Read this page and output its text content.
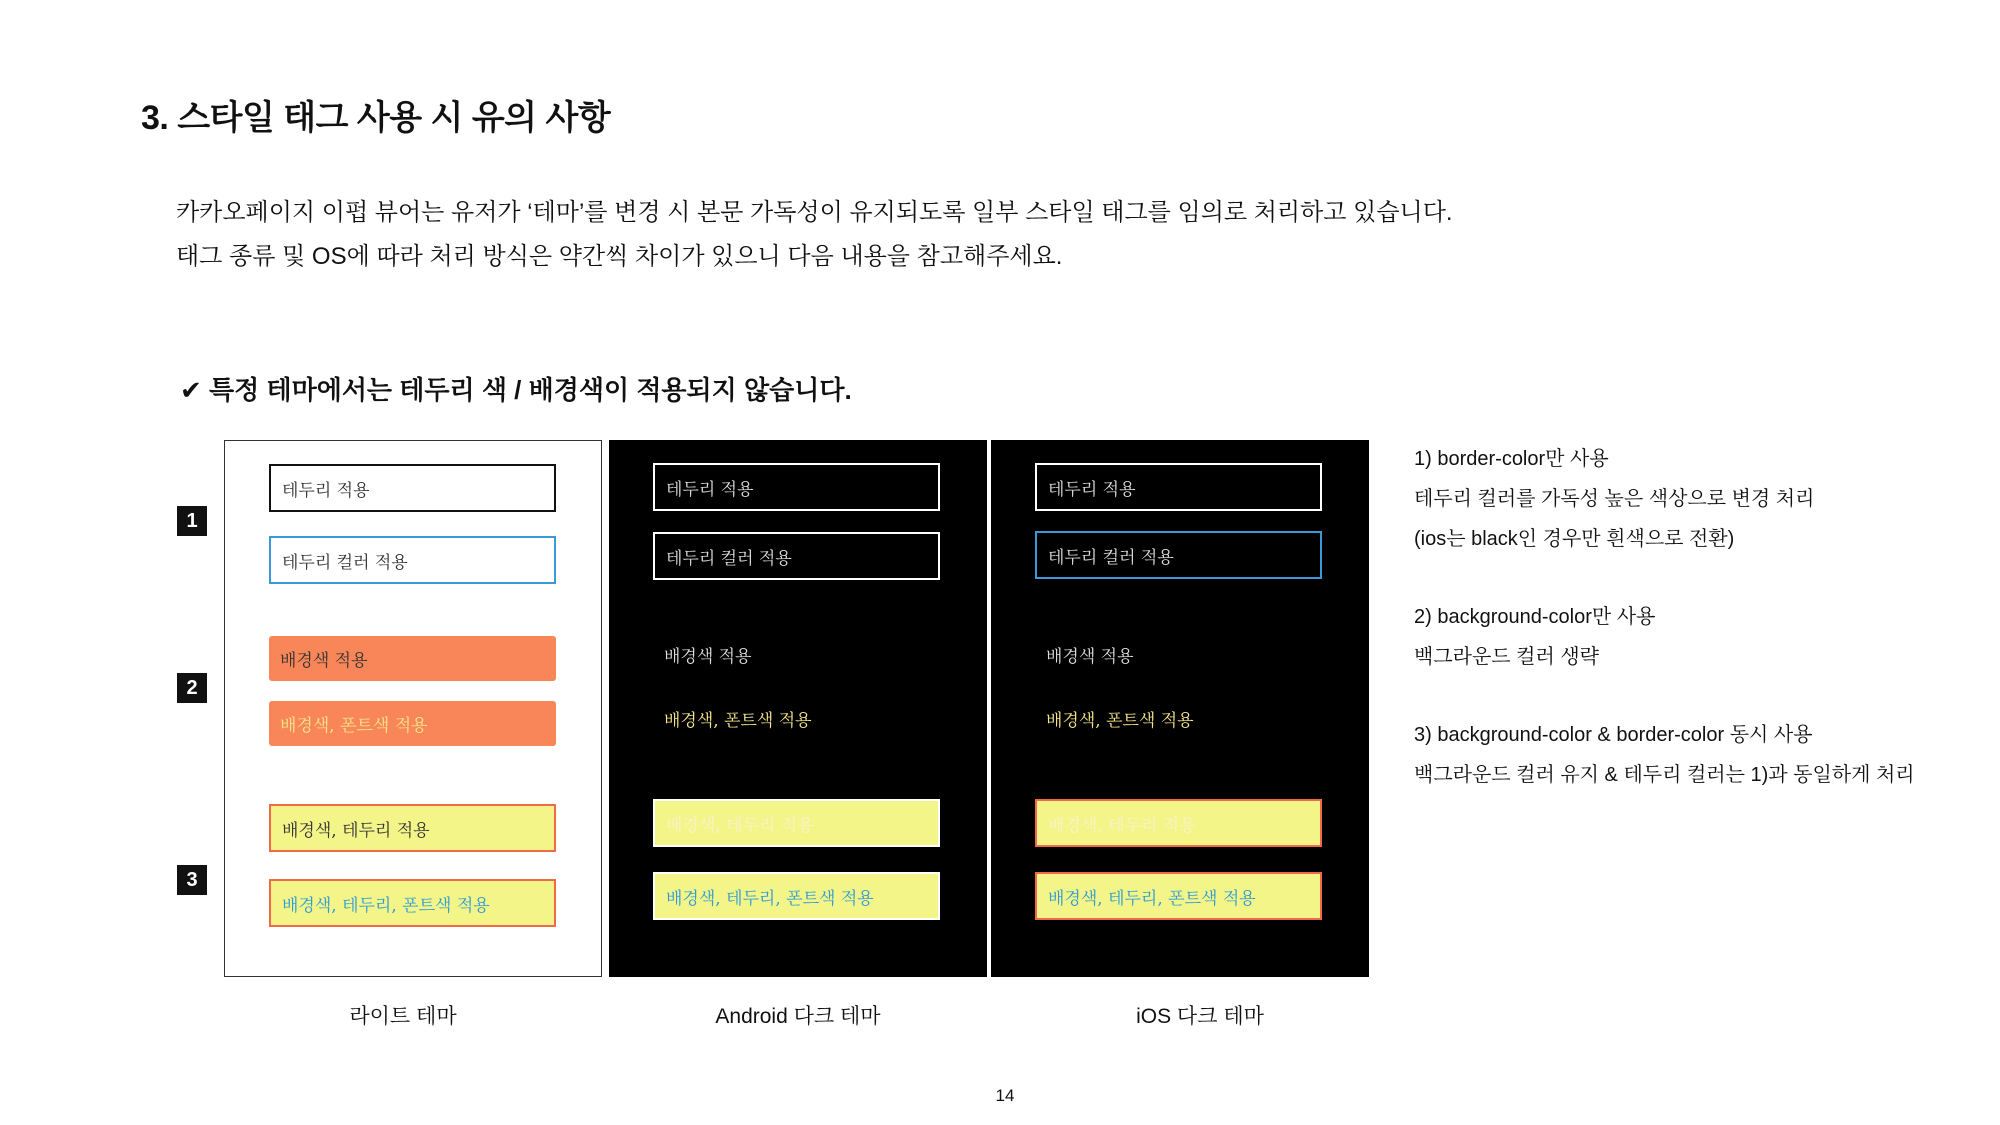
3. 스타일 태그 사용 시 유의 사항
카카오페이지 이펍 뷰어는 유저가 ‘테마’를 변경 시 본문 가독성이 유지되도록 일부 스타일 태그를 임의로 처리하고 있습니다.
태그 종류 및 OS에 따라 처리 방식은 약간씩 차이가 있으니 다음 내용을 참고해주세요.
✔ 특정 테마에서는 테두리 색 / 배경색이 적용되지 않습니다.
1
2
3
테두리 적용
테두리 컬러 적용
배경색 적용
배경색, 폰트색 적용
배경색, 테두리 적용
배경색, 테두리, 폰트색 적용
테두리 적용
테두리 컬러 적용
배경색 적용
배경색, 폰트색 적용
배경색, 테두리 적용
배경색, 테두리, 폰트색 적용
테두리 적용
테두리 컬러 적용
배경색 적용
배경색, 폰트색 적용
배경색, 테두리 적용
배경색, 테두리, 폰트색 적용
라이트 테마	Android 다크 테마	iOS 다크 테마
1) border-color만 사용
테두리 컬러를 가독성 높은 색상으로 변경 처리
(ios는 black인 경우만 흰색으로 전환)
2) background-color만 사용
백그라운드 컬러 생략
3) background-color & border-color 동시 사용
백그라운드 컬러 유지 & 테두리 컬러는 1)과 동일하게 처리
14
